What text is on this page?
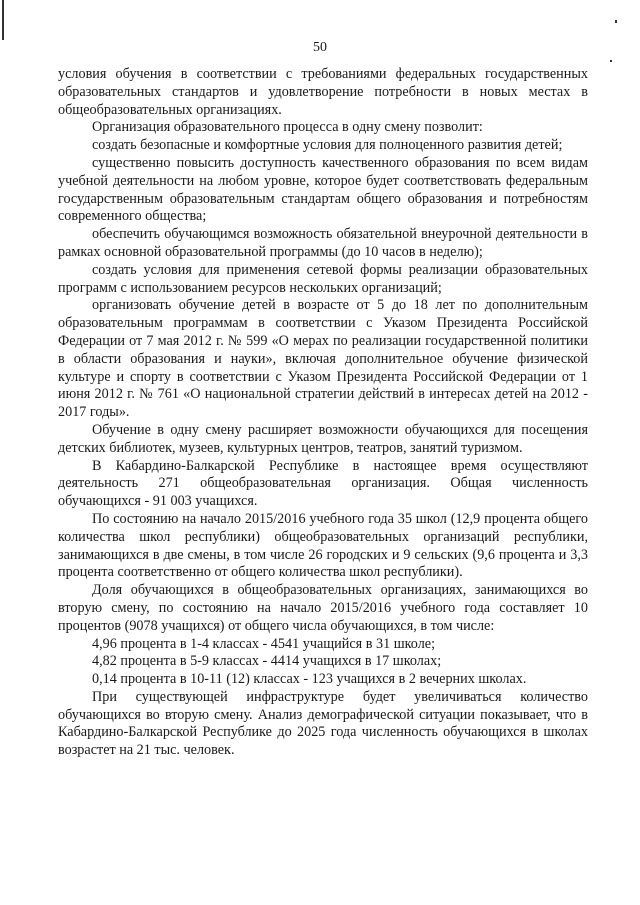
50

условия обучения в соответствии с требованиями федеральных государственных образовательных стандартов и удовлетворение потребности в новых местах в общеобразовательных организациях.

Организация образовательного процесса в одну смену позволит:

создать безопасные и комфортные условия для полноценного развития детей;

существенно повысить доступность качественного образования по всем видам учебной деятельности на любом уровне, которое будет соответствовать федеральным государственным образовательным стандартам общего образования и потребностям современного общества;

обеспечить обучающимся возможность обязательной внеурочной деятельности в рамках основной образовательной программы (до 10 часов в неделю);

создать условия для применения сетевой формы реализации образовательных программ с использованием ресурсов нескольких организаций;

организовать обучение детей в возрасте от 5 до 18 лет по дополнительным образовательным программам в соответствии с Указом Президента Российской Федерации от 7 мая 2012 г. № 599 «О мерах по реализации государственной политики в области образования и науки», включая дополнительное обучение физической культуре и спорту в соответствии с Указом Президента Российской Федерации от 1 июня 2012 г. № 761 «О национальной стратегии действий в интересах детей на 2012 - 2017 годы».

Обучение в одну смену расширяет возможности обучающихся для посещения детских библиотек, музеев, культурных центров, театров, занятий туризмом.

В Кабардино-Балкарской Республике в настоящее время осуществляют деятельность 271 общеобразовательная организация. Общая численность обучающихся - 91 003 учащихся.

По состоянию на начало 2015/2016 учебного года 35 школ (12,9 процента общего количества школ республики) общеобразовательных организаций республики, занимающихся в две смены, в том числе 26 городских и 9 сельских (9,6 процента и 3,3 процента соответственно от общего количества школ республики).

Доля обучающихся в общеобразовательных организациях, занимающихся во вторую смену, по состоянию на начало 2015/2016 учебного года составляет 10 процентов (9078 учащихся) от общего числа обучающихся, в том числе:

4,96 процента в 1-4 классах - 4541 учащийся в 31 школе;

4,82 процента в 5-9 классах - 4414 учащихся в 17 школах;

0,14 процента в 10-11 (12) классах - 123 учащихся в 2 вечерних школах.

При существующей инфраструктуре будет увеличиваться количество обучающихся во вторую смену. Анализ демографической ситуации показывает, что в Кабардино-Балкарской Республике до 2025 года численность обучающихся в школах возрастет на 21 тыс. человек.
